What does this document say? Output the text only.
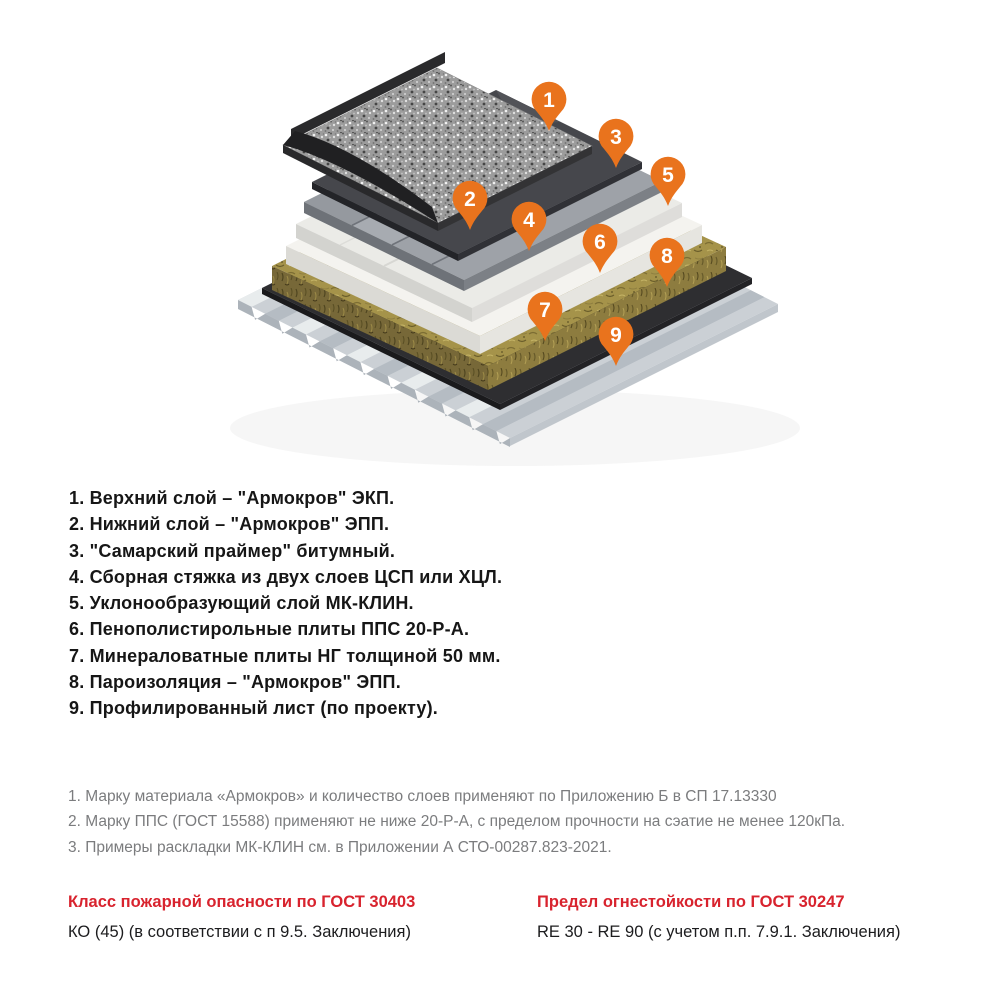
1
2
3
4
5
6
7
8
9
1. Верхний слой – "Армокров" ЭКП.
2. Нижний слой – "Армокров" ЭПП.
3. "Самарский праймер" битумный.
4. Сборная стяжка из двух слоев ЦСП или ХЦЛ.
5. Уклонообразующий слой МК-КЛИН.
6. Пенополистирольные плиты ППС 20-Р-А.
7. Минераловатные плиты НГ толщиной 50 мм.
8. Пароизоляция – "Армокров" ЭПП.
9. Профилированный лист (по проекту).
1. Марку материала «Армокров» и количество слоев применяют по Приложению Б в СП 17.13330
2. Марку ППС (ГОСТ 15588) применяют не ниже 20-Р-А, с пределом прочности на сэатие не менее 120кПа.
3. Примеры раскладки МК-КЛИН см. в Приложении А СТО-00287.823-2021.
Класс пожарной опасности по ГОСТ 30403
КО (45) (в соответствии с п 9.5. Заключения)
Предел огнестойкости по ГОСТ 30247
RE 30 - RE 90 (с учетом п.п. 7.9.1. Заключения)
